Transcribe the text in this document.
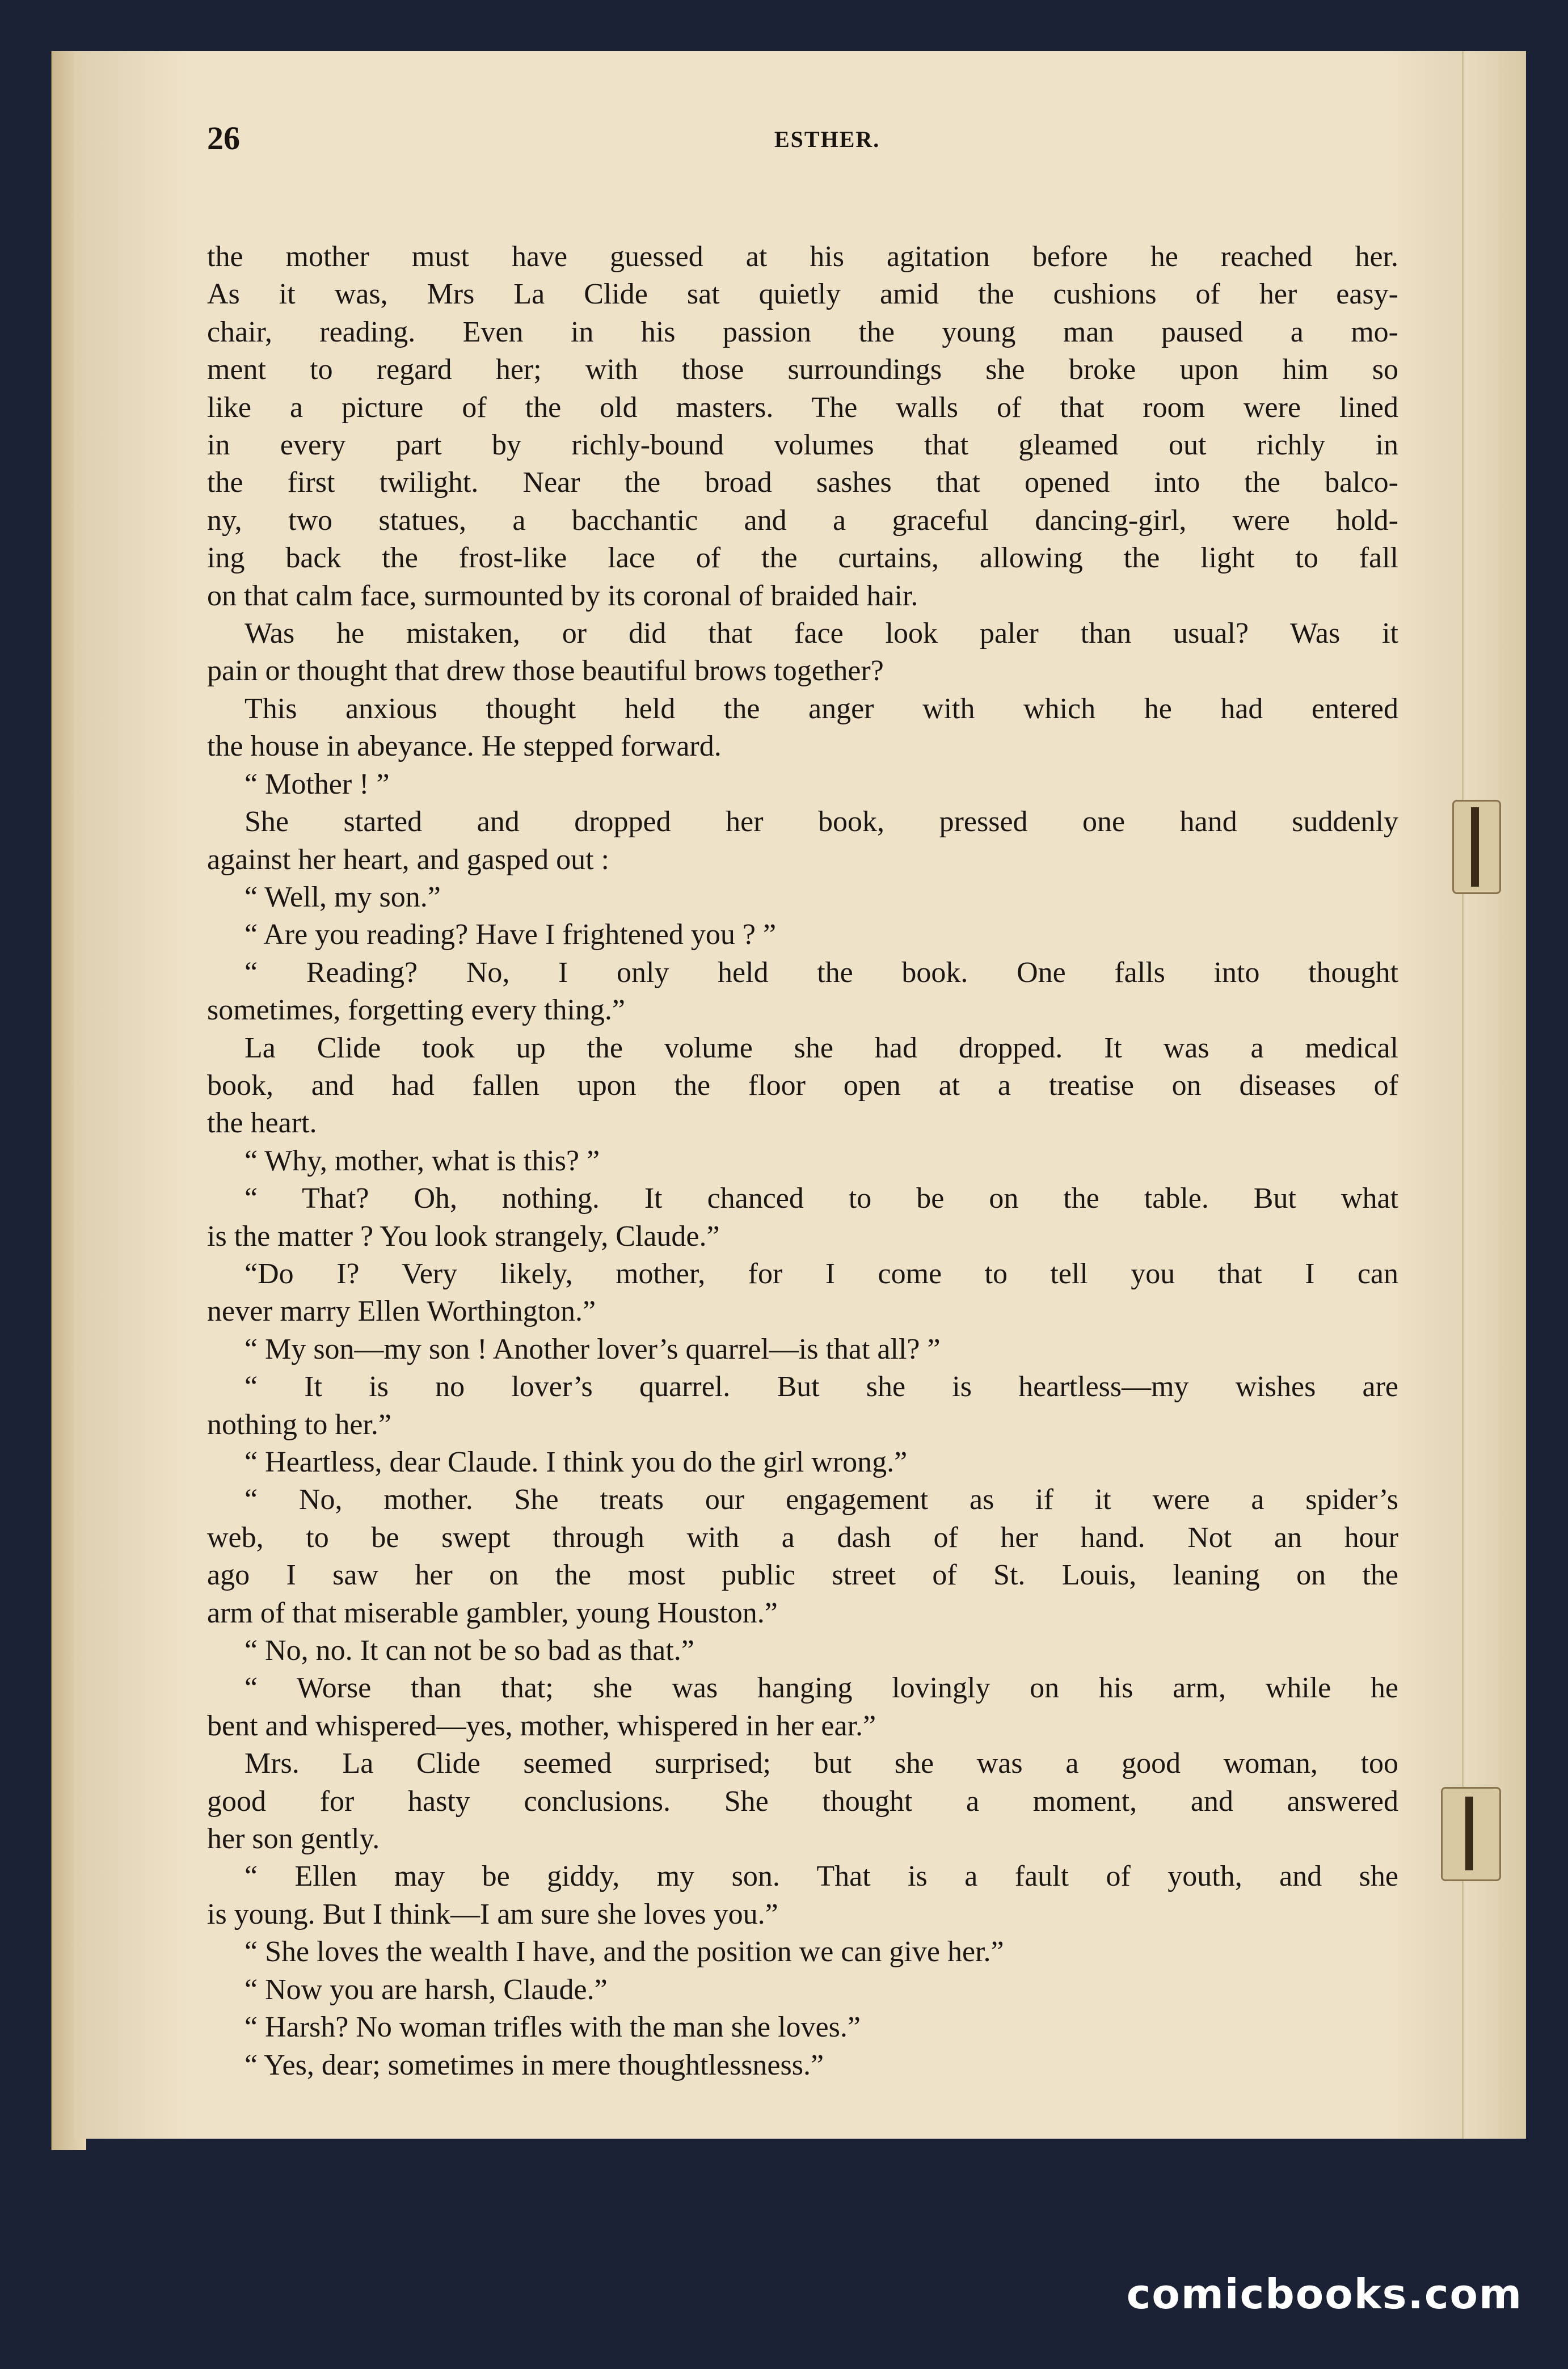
26	ESTHER.
the mother must have guessed at his agitation before he reached her.
As it was, Mrs La Clide sat quietly amid the cushions of her easy-
chair, reading. Even in his passion the young man paused a mo-
ment to regard her; with those surroundings she broke upon him so
like a picture of the old masters. The walls of that room were lined
in every part by richly-bound volumes that gleamed out richly in
the first twilight. Near the broad sashes that opened into the balco-
ny, two statues, a bacchantic and a graceful dancing-girl, were hold-
ing back the frost-like lace of the curtains, allowing the light to fall
on that calm face, surmounted by its coronal of braided hair.
Was he mistaken, or did that face look paler than usual? Was it
pain or thought that drew those beautiful brows together?
This anxious thought held the anger with which he had entered
the house in abeyance. He stepped forward.
“ Mother ! ”
She started and dropped her book, pressed one hand suddenly
against her heart, and gasped out :
“ Well, my son.”
“ Are you reading? Have I frightened you ? ”
“ Reading? No, I only held the book. One falls into thought
sometimes, forgetting every thing.”
La Clide took up the volume she had dropped. It was a medical
book, and had fallen upon the floor open at a treatise on diseases of
the heart.
“ Why, mother, what is this? ”
“ That? Oh, nothing. It chanced to be on the table. But what
is the matter ? You look strangely, Claude.”
“Do I? Very likely, mother, for I come to tell you that I can
never marry Ellen Worthington.”
“ My son—my son ! Another lover’s quarrel—is that all? ”
“ It is no lover’s quarrel. But she is heartless—my wishes are
nothing to her.”
“ Heartless, dear Claude. I think you do the girl wrong.”
“ No, mother. She treats our engagement as if it were a spider’s
web, to be swept through with a dash of her hand. Not an hour
ago I saw her on the most public street of St. Louis, leaning on the
arm of that miserable gambler, young Houston.”
“ No, no. It can not be so bad as that.”
“ Worse than that; she was hanging lovingly on his arm, while he
bent and whispered—yes, mother, whispered in her ear.”
Mrs. La Clide seemed surprised; but she was a good woman, too
good for hasty conclusions. She thought a moment, and answered
her son gently.
“ Ellen may be giddy, my son. That is a fault of youth, and she
is young. But I think—I am sure she loves you.”
“ She loves the wealth I have, and the position we can give her.”
“ Now you are harsh, Claude.”
“ Harsh? No woman trifles with the man she loves.”
“ Yes, dear; sometimes in mere thoughtlessness.”
comicbooks.com
